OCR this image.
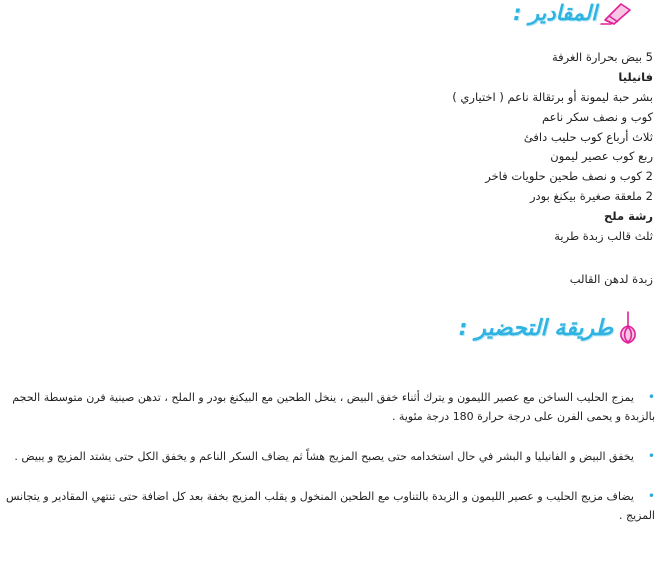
المقادير :
5 بيض بحرارة الغرفة
فانيليا
بشر حبة ليمونة أو برتقالة ناعم ( اختياري )
كوب و نصف سكر ناعم
ثلاث أرباع كوب حليب دافئ
ربع كوب عصير ليمون
2 كوب و نصف طحين حلويات فاخر
2 ملعقة صغيرة بيكنغ بودر
رشة ملح
ثلث قالب زبدة طرية
زبدة لدهن القالب
طريقة التحضير :
•يمزج الحليب الساخن مع عصير الليمون و يترك أثناء خفق البيض ، ينخل الطحين مع البيكنغ بودر و الملح ، تدهن صينية فرن متوسطة الحجم بالزبدة و يحمى الفرن على درجة حرارة 180 درجة مئوية .
•يخفق البيض و الفانيليا و البشر في حال استخدامه حتى يصبح المزيج هشاً ثم يضاف السكر الناعم و يخفق الكل حتى يشتد المزيج و يبيض .
•يضاف مزيج الحليب و عصير الليمون و الزبدة بالتناوب مع الطحين المنخول و يقلب المزيج بخفة بعد كل اضافة حتى تنتهي المقادير و يتجانس المزيج .
